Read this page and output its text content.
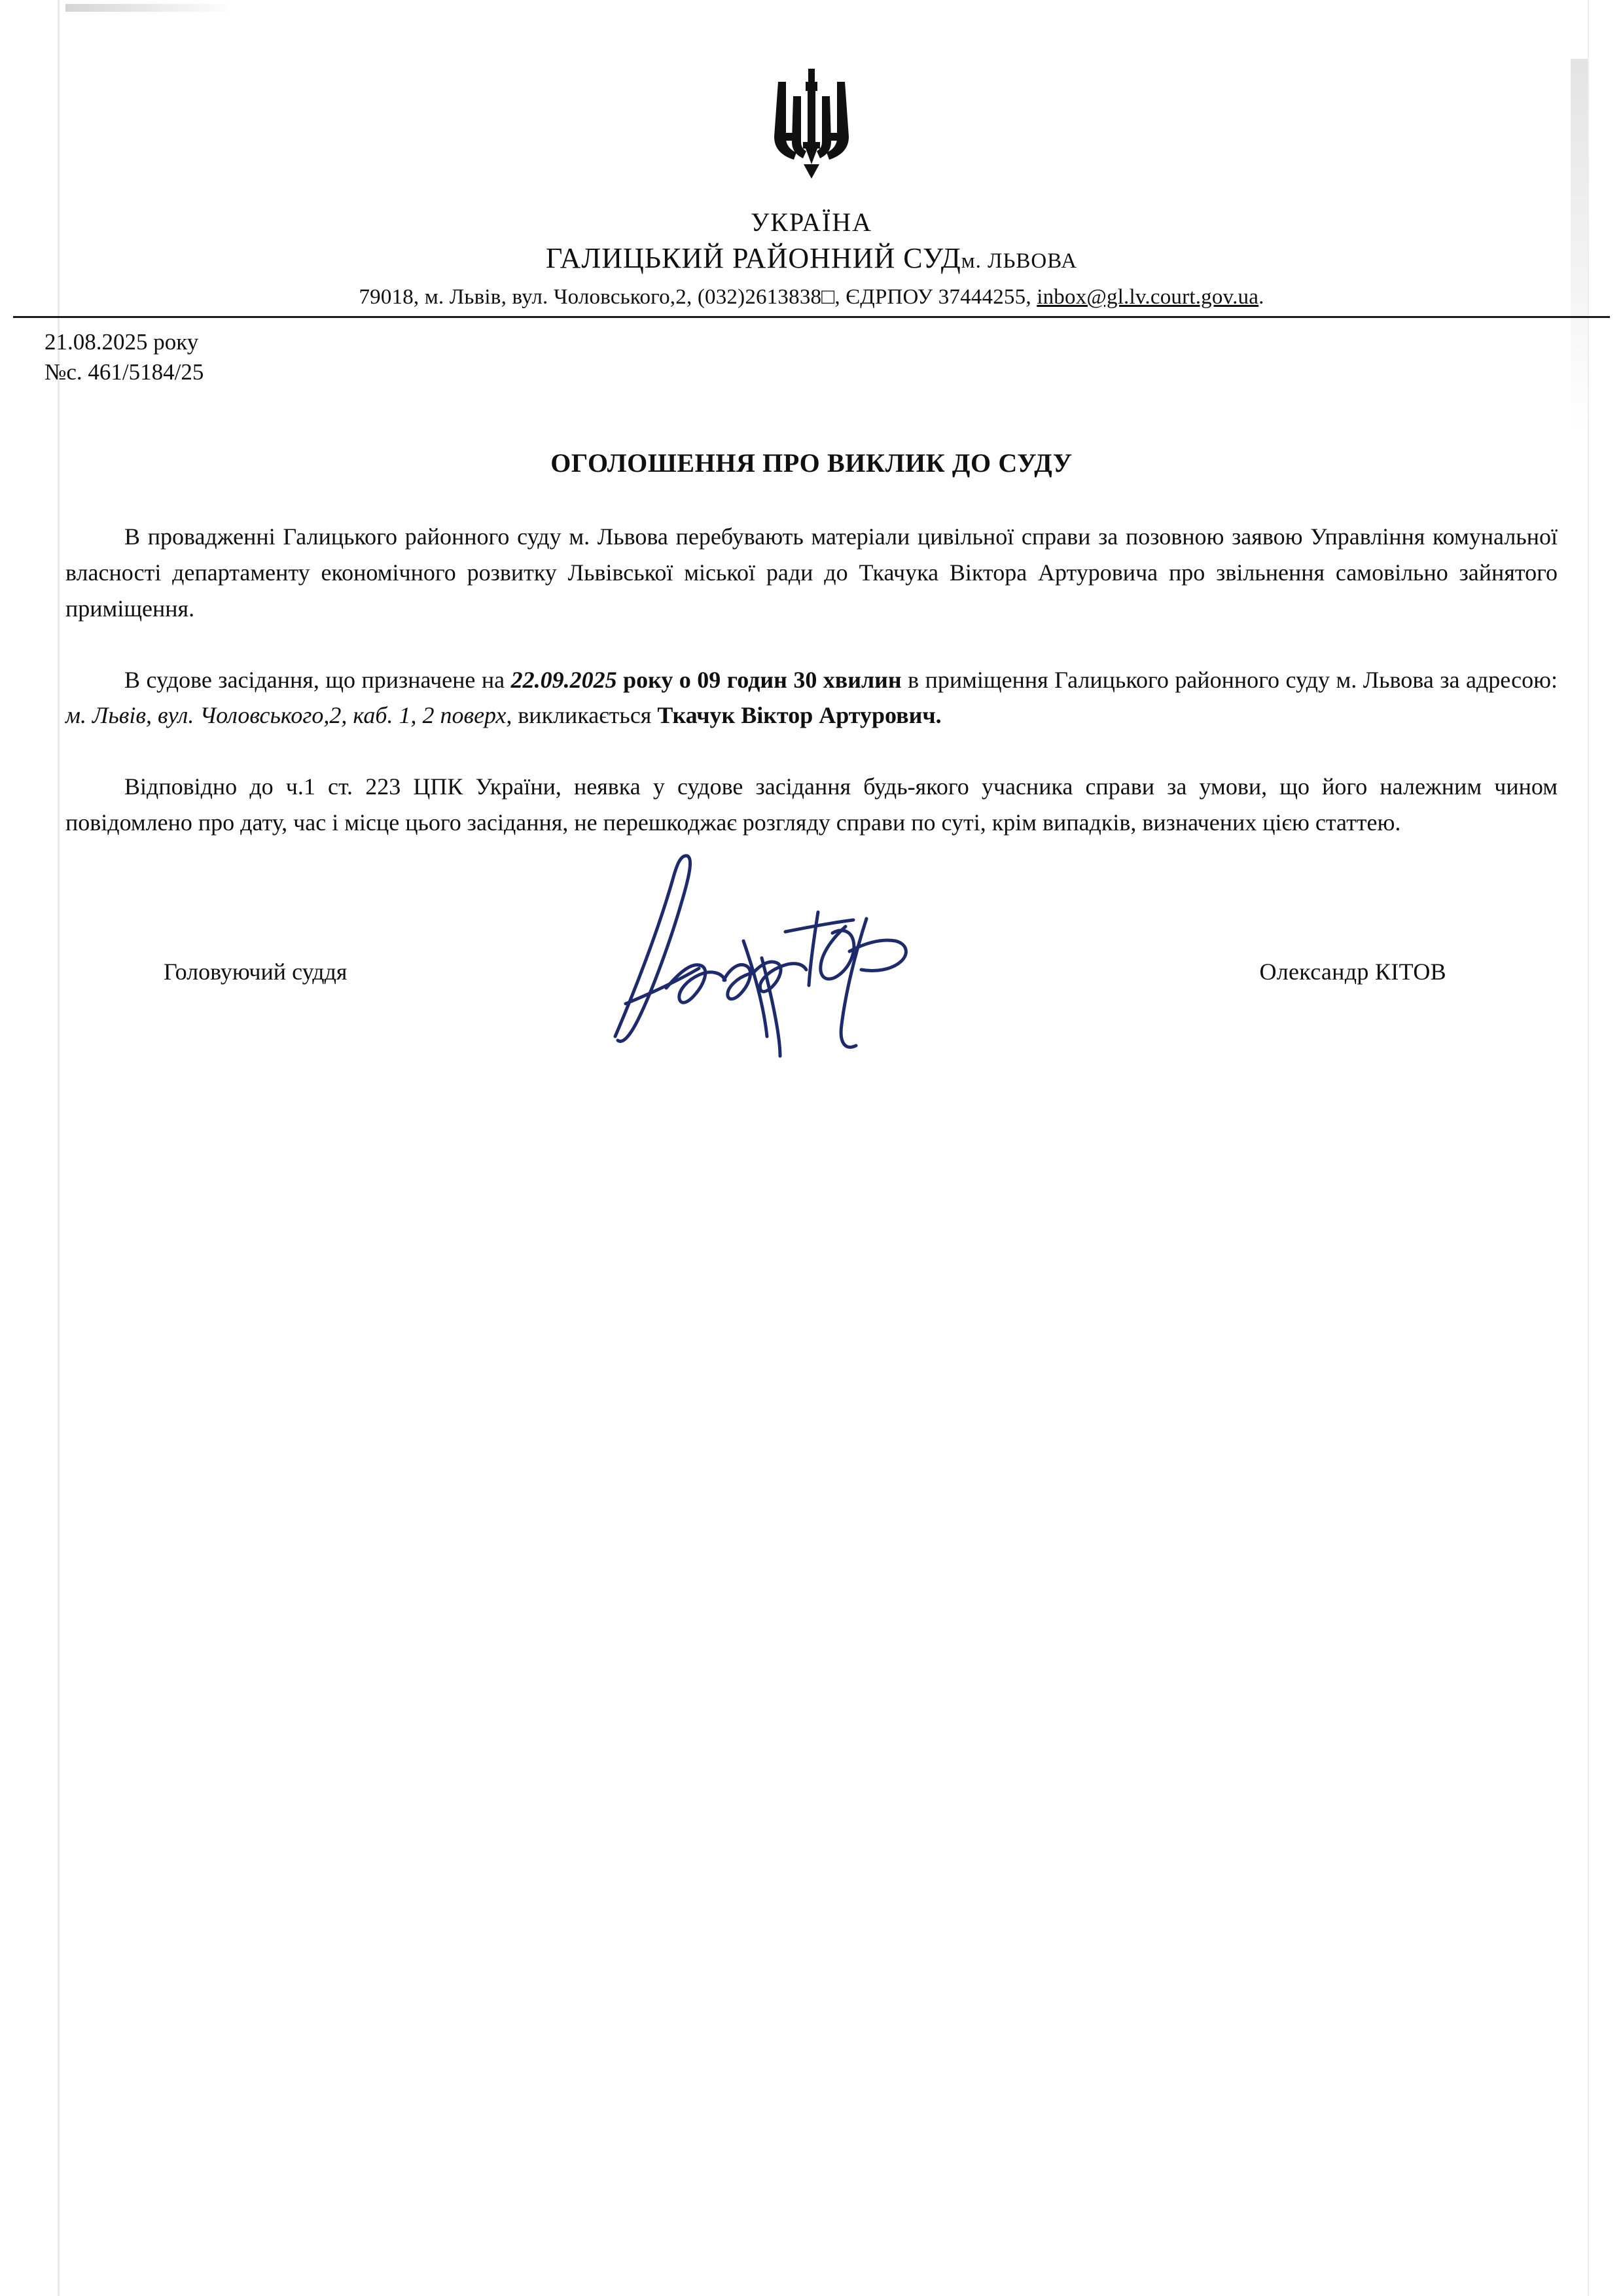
УКРАЇНА
ГАЛИЦЬКИЙ РАЙОННИЙ СУДм. ЛЬВОВА
79018, м. Львів, вул. Чоловського,2, (032)2613838□, ЄДРПОУ 37444255, inbox@gl.lv.court.gov.ua.
21.08.2025 року
№с. 461/5184/25
ОГОЛОШЕННЯ ПРО ВИКЛИК ДО СУДУ

В провадженні Галицького районного суду м. Львова перебувають матеріали цивільної справи за позовною заявою Управління комунальної власності департаменту економічного розвитку Львівської міської ради до Ткачука Віктора Артуровича про звільнення самовільно зайнятого приміщення.

В судове засідання, що призначене на 22.09.2025 року о 09 годин 30 хвилин в приміщення Галицького районного суду м. Львова за адресою: м. Львів, вул. Чоловського,2, каб. 1, 2 поверх, викликається Ткачук Віктор Артурович.

Відповідно до ч.1 ст. 223 ЦПК України, неявка у судове засідання будь-якого учасника справи за умови, що його належним чином повідомлено про дату, час і місце цього засідання, не перешкоджає розгляду справи по суті, крім випадків, визначених цією статтею.

Головуючий суддя	Олександр КІТОВ
